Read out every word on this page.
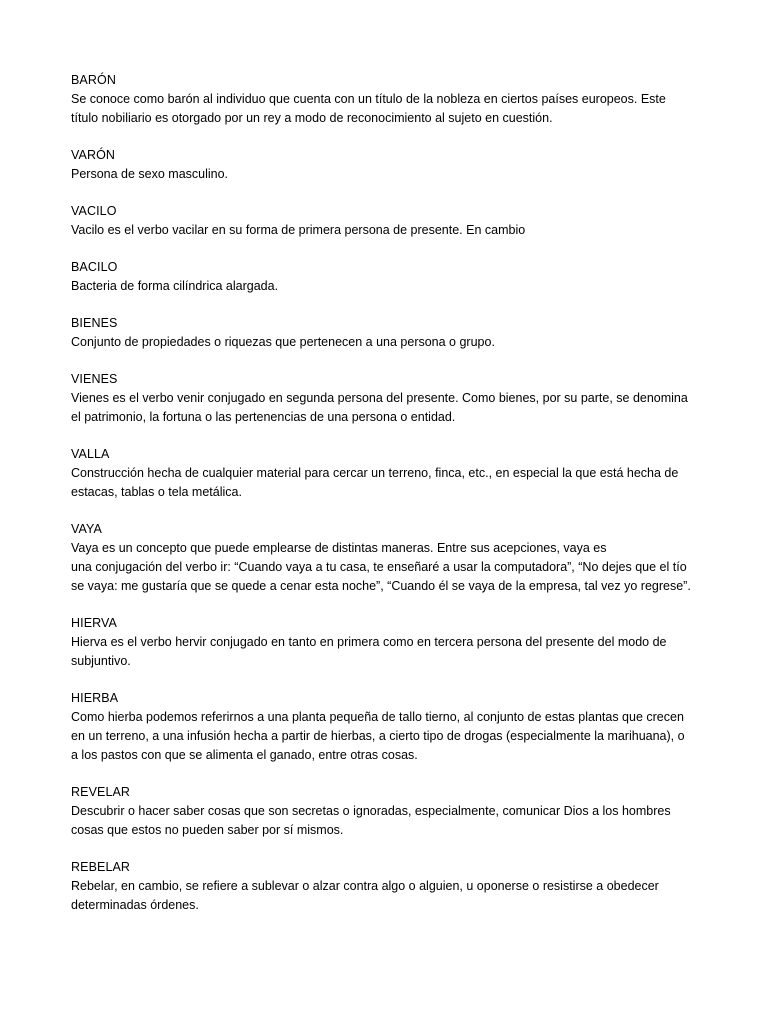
BARÓN

Se conoce como barón al individuo que cuenta con un título de la nobleza en ciertos países europeos. Este
título nobiliario es otorgado por un rey a modo de reconocimiento al sujeto en cuestión.

VARÓN

Persona de sexo masculino.

VACILO

Vacilo es el verbo vacilar en su forma de primera persona de presente. En cambio

BACILO

Bacteria de forma cilíndrica alargada.

BIENES

Conjunto de propiedades o riquezas que pertenecen a una persona o grupo.

VIENES

Vienes es el verbo venir conjugado en segunda persona del presente. Como bienes, por su parte, se denomina
el patrimonio, la fortuna o las pertenencias de una persona o entidad.

VALLA

Construcción hecha de cualquier material para cercar un terreno, finca, etc., en especial la que está hecha de
estacas, tablas o tela metálica.

VAYA

Vaya es un concepto que puede emplearse de distintas maneras. Entre sus acepciones, vaya es
una conjugación del verbo ir: “Cuando vaya a tu casa, te enseñaré a usar la computadora”, “No dejes que el tío
se vaya: me gustaría que se quede a cenar esta noche”, “Cuando él se vaya de la empresa, tal vez yo regrese”.

HIERVA

Hierva es el verbo hervir conjugado en tanto en primera como en tercera persona del presente del modo de
subjuntivo.

HIERBA

Como hierba podemos referirnos a una planta pequeña de tallo tierno, al conjunto de estas plantas que crecen
en un terreno, a una infusión hecha a partir de hierbas, a cierto tipo de drogas (especialmente la marihuana), o
a los pastos con que se alimenta el ganado, entre otras cosas.

REVELAR

Descubrir o hacer saber cosas que son secretas o ignoradas, especialmente, comunicar Dios a los hombres
cosas que estos no pueden saber por sí mismos.

REBELAR

Rebelar, en cambio, se refiere a sublevar o alzar contra algo o alguien, u oponerse o resistirse a obedecer
determinadas órdenes.
